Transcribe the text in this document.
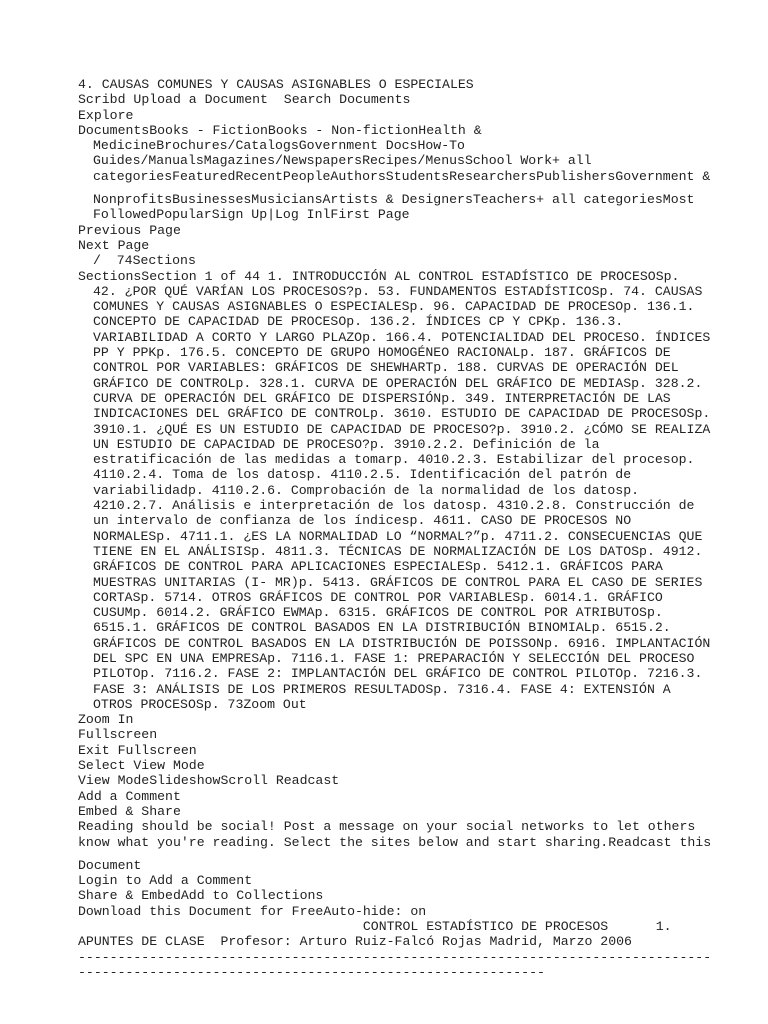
4. CAUSAS COMUNES Y CAUSAS ASIGNABLES O ESPECIALES
Scribd Upload a Document Search Documents
Explore
DocumentsBooks - FictionBooks - Non-fictionHealth &
MedicineBrochures/CatalogsGovernment DocsHow-To
Guides/ManualsMagazines/NewspapersRecipes/MenusSchool Work+ all
categoriesFeaturedRecentPeopleAuthorsStudentsResearchersPublishersGovernment &
NonprofitsBusinessesMusiciansArtists & DesignersTeachers+ all categoriesMost
FollowedPopularSign Up|Log InlFirst Page
Previous Page
Next Page
/  74Sections
SectionsSection 1 of 44 1. INTRODUCCIÓN AL CONTROL ESTADÍSTICO DE PROCESOSp.
42. ¿POR QUÉ VARÍAN LOS PROCESOS?p. 53. FUNDAMENTOS ESTADÍSTICOSp. 74. CAUSAS
COMUNES Y CAUSAS ASIGNABLES O ESPECIALESp. 96. CAPACIDAD DE PROCESOp. 136.1.
CONCEPTO DE CAPACIDAD DE PROCESOp. 136.2. ÍNDICES CP Y CPKp. 136.3.
VARIABILIDAD A CORTO Y LARGO PLAZOp. 166.4. POTENCIALIDAD DEL PROCESO. ÍNDICES
PP Y PPKp. 176.5. CONCEPTO DE GRUPO HOMOGÉNEO RACIONALp. 187. GRÁFICOS DE
CONTROL POR VARIABLES: GRÁFICOS DE SHEWHARTp. 188. CURVAS DE OPERACIÓN DEL
GRÁFICO DE CONTROLp. 328.1. CURVA DE OPERACIÓN DEL GRÁFICO DE MEDIASp. 328.2.
CURVA DE OPERACIÓN DEL GRÁFICO DE DISPERSIÓNp. 349. INTERPRETACIÓN DE LAS
INDICACIONES DEL GRÁFICO DE CONTROLp. 3610. ESTUDIO DE CAPACIDAD DE PROCESOSp.
3910.1. ¿QUÉ ES UN ESTUDIO DE CAPACIDAD DE PROCESO?p. 3910.2. ¿CÓMO SE REALIZA
UN ESTUDIO DE CAPACIDAD DE PROCESO?p. 3910.2.2. Definición de la
estratificación de las medidas a tomarp. 4010.2.3. Estabilizar del procesop.
4110.2.4. Toma de los datosp. 4110.2.5. Identificación del patrón de
variabilidadp. 4110.2.6. Comprobación de la normalidad de los datosp.
4210.2.7. Análisis e interpretación de los datosp. 4310.2.8. Construcción de
un intervalo de confianza de los índicesp. 4611. CASO DE PROCESOS NO
NORMALESp. 4711.1. ¿ES LA NORMALIDAD LO “NORMAL?”p. 4711.2. CONSECUENCIAS QUE
TIENE EN EL ANÁLISISp. 4811.3. TÉCNICAS DE NORMALIZACIÓN DE LOS DATOSp. 4912.
GRÁFICOS DE CONTROL PARA APLICACIONES ESPECIALESp. 5412.1. GRÁFICOS PARA
MUESTRAS UNITARIAS (I- MR)p. 5413. GRÁFICOS DE CONTROL PARA EL CASO DE SERIES
CORTASp. 5714. OTROS GRÁFICOS DE CONTROL POR VARIABLESp. 6014.1. GRÁFICO
CUSUMp. 6014.2. GRÁFICO EWMAp. 6315. GRÁFICOS DE CONTROL POR ATRIBUTOSp.
6515.1. GRÁFICOS DE CONTROL BASADOS EN LA DISTRIBUCIÓN BINOMIALp. 6515.2.
GRÁFICOS DE CONTROL BASADOS EN LA DISTRIBUCIÓN DE POISSONp. 6916. IMPLANTACIÓN
DEL SPC EN UNA EMPRESAp. 7116.1. FASE 1: PREPARACIÓN Y SELECCIÓN DEL PROCESO
PILOTOp. 7116.2. FASE 2: IMPLANTACIÓN DEL GRÁFICO DE CONTROL PILOTOp. 7216.3.
FASE 3: ANÁLISIS DE LOS PRIMEROS RESULTADOSp. 7316.4. FASE 4: EXTENSIÓN A
OTROS PROCESOSp. 73Zoom Out
Zoom In
Fullscreen
Exit Fullscreen
Select View Mode
View ModeSlideshowScroll Readcast
Add a Comment
Embed & Share
Reading should be social! Post a message on your social networks to let others
know what you're reading. Select the sites below and start sharing.Readcast this
Document
Login to Add a Comment
Share & EmbedAdd to Collections
Download this Document for FreeAuto-hide: on
CONTROL ESTADÍSTICO DE PROCESOS      1.
APUNTES DE CLASE  Profesor: Arturo Ruiz-Falcó Rojas Madrid, Marzo 2006
--------------------------------------------------------------------------------
-----------------------------------------------------------
